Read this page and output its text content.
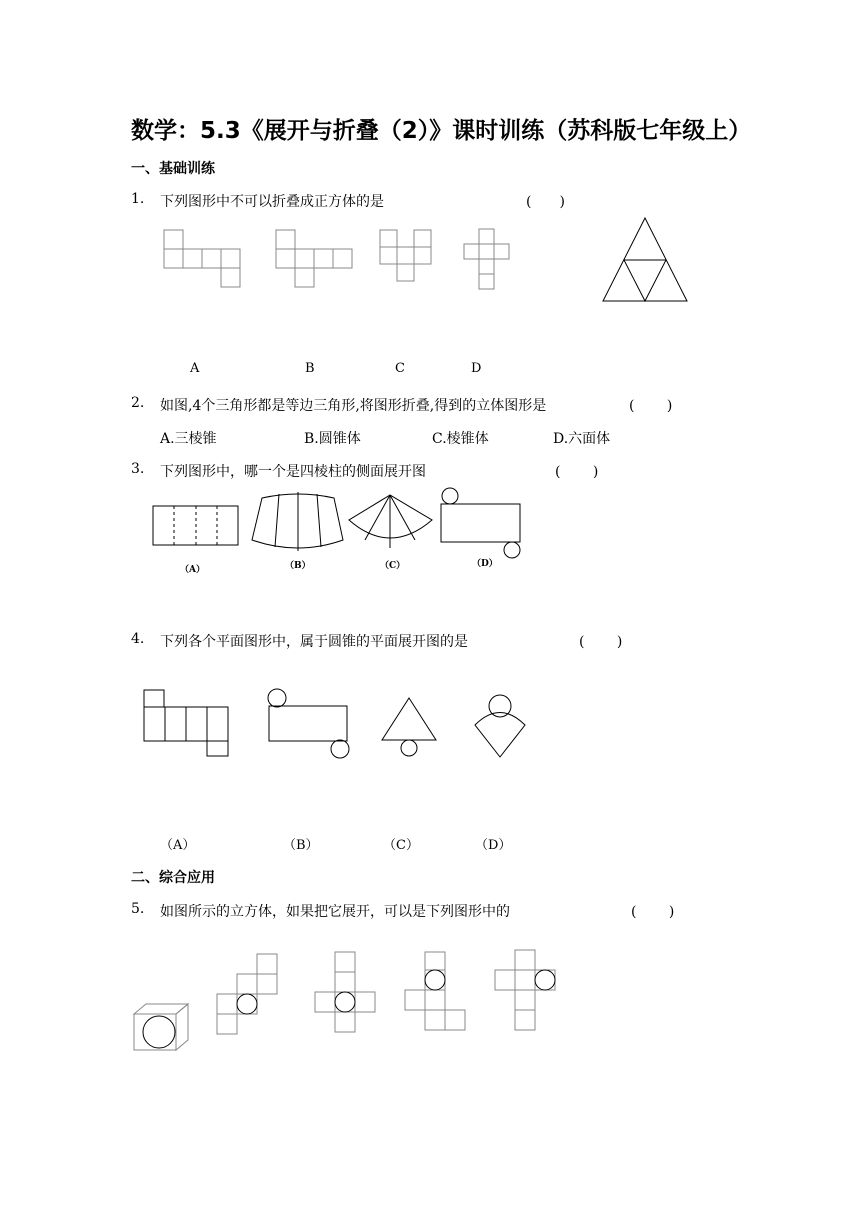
数学：5.3《展开与折叠（2）》课时训练（苏科版七年级上）
一、基础训练
1. 下列图形中不可以折叠成正方体的是	(　　)
A	B	C	D
2. 如图,4个三角形都是等边三角形,将图形折叠,得到的立体图形是	(　　 )
A.三棱锥	B.圆锥体	C.棱锥体	D.六面体
3. 下列图形中，哪一个是四棱柱的侧面展开图	(　　 )
（A）	（B）	（C）	（D）
4. 下列各个平面图形中，属于圆锥的平面展开图的是	(　　 )
（A）	（B）	（C）	（D）
二、综合应用
5. 如图所示的立方体，如果把它展开，可以是下列图形中的	(　　 )
